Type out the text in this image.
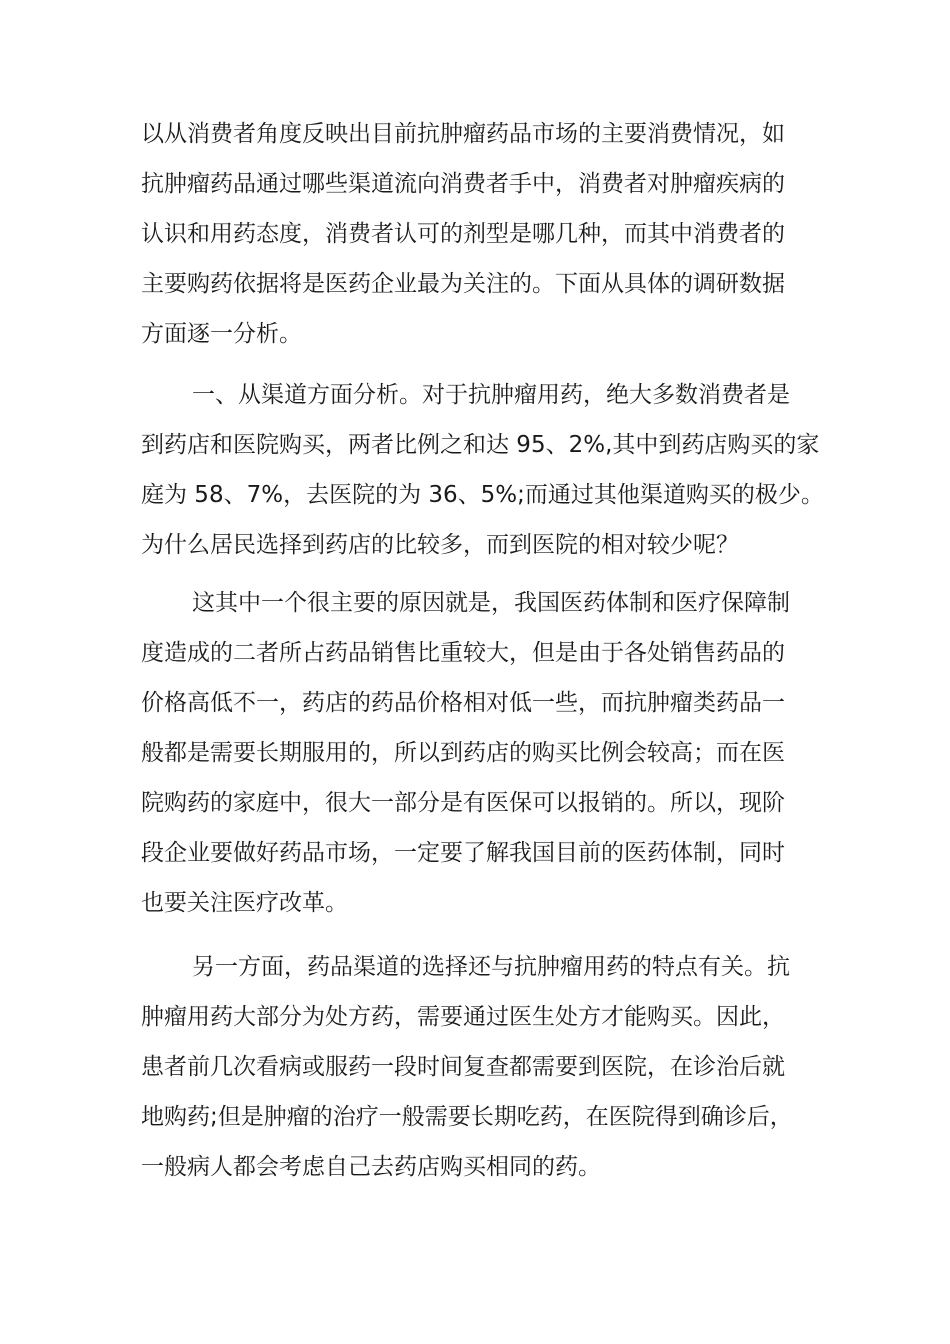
以从消费者角度反映出目前抗肿瘤药品市场的主要消费情况，如
抗肿瘤药品通过哪些渠道流向消费者手中，消费者对肿瘤疾病的
认识和用药态度，消费者认可的剂型是哪几种，而其中消费者的
主要购药依据将是医药企业最为关注的。下面从具体的调研数据
方面逐一分析。
一、从渠道方面分析。对于抗肿瘤用药，绝大多数消费者是
到药店和医院购买，两者比例之和达 95、2%,其中到药店购买的家
庭为 58、7%，去医院的为 36、5%;而通过其他渠道购买的极少。
为什么居民选择到药店的比较多，而到医院的相对较少呢？
这其中一个很主要的原因就是，我国医药体制和医疗保障制
度造成的二者所占药品销售比重较大，但是由于各处销售药品的
价格高低不一，药店的药品价格相对低一些，而抗肿瘤类药品一
般都是需要长期服用的，所以到药店的购买比例会较高；而在医
院购药的家庭中，很大一部分是有医保可以报销的。所以，现阶
段企业要做好药品市场，一定要了解我国目前的医药体制，同时
也要关注医疗改革。
另一方面，药品渠道的选择还与抗肿瘤用药的特点有关。抗
肿瘤用药大部分为处方药，需要通过医生处方才能购买。因此，
患者前几次看病或服药一段时间复查都需要到医院，在诊治后就
地购药;但是肿瘤的治疗一般需要长期吃药，在医院得到确诊后，
一般病人都会考虑自己去药店购买相同的药。
